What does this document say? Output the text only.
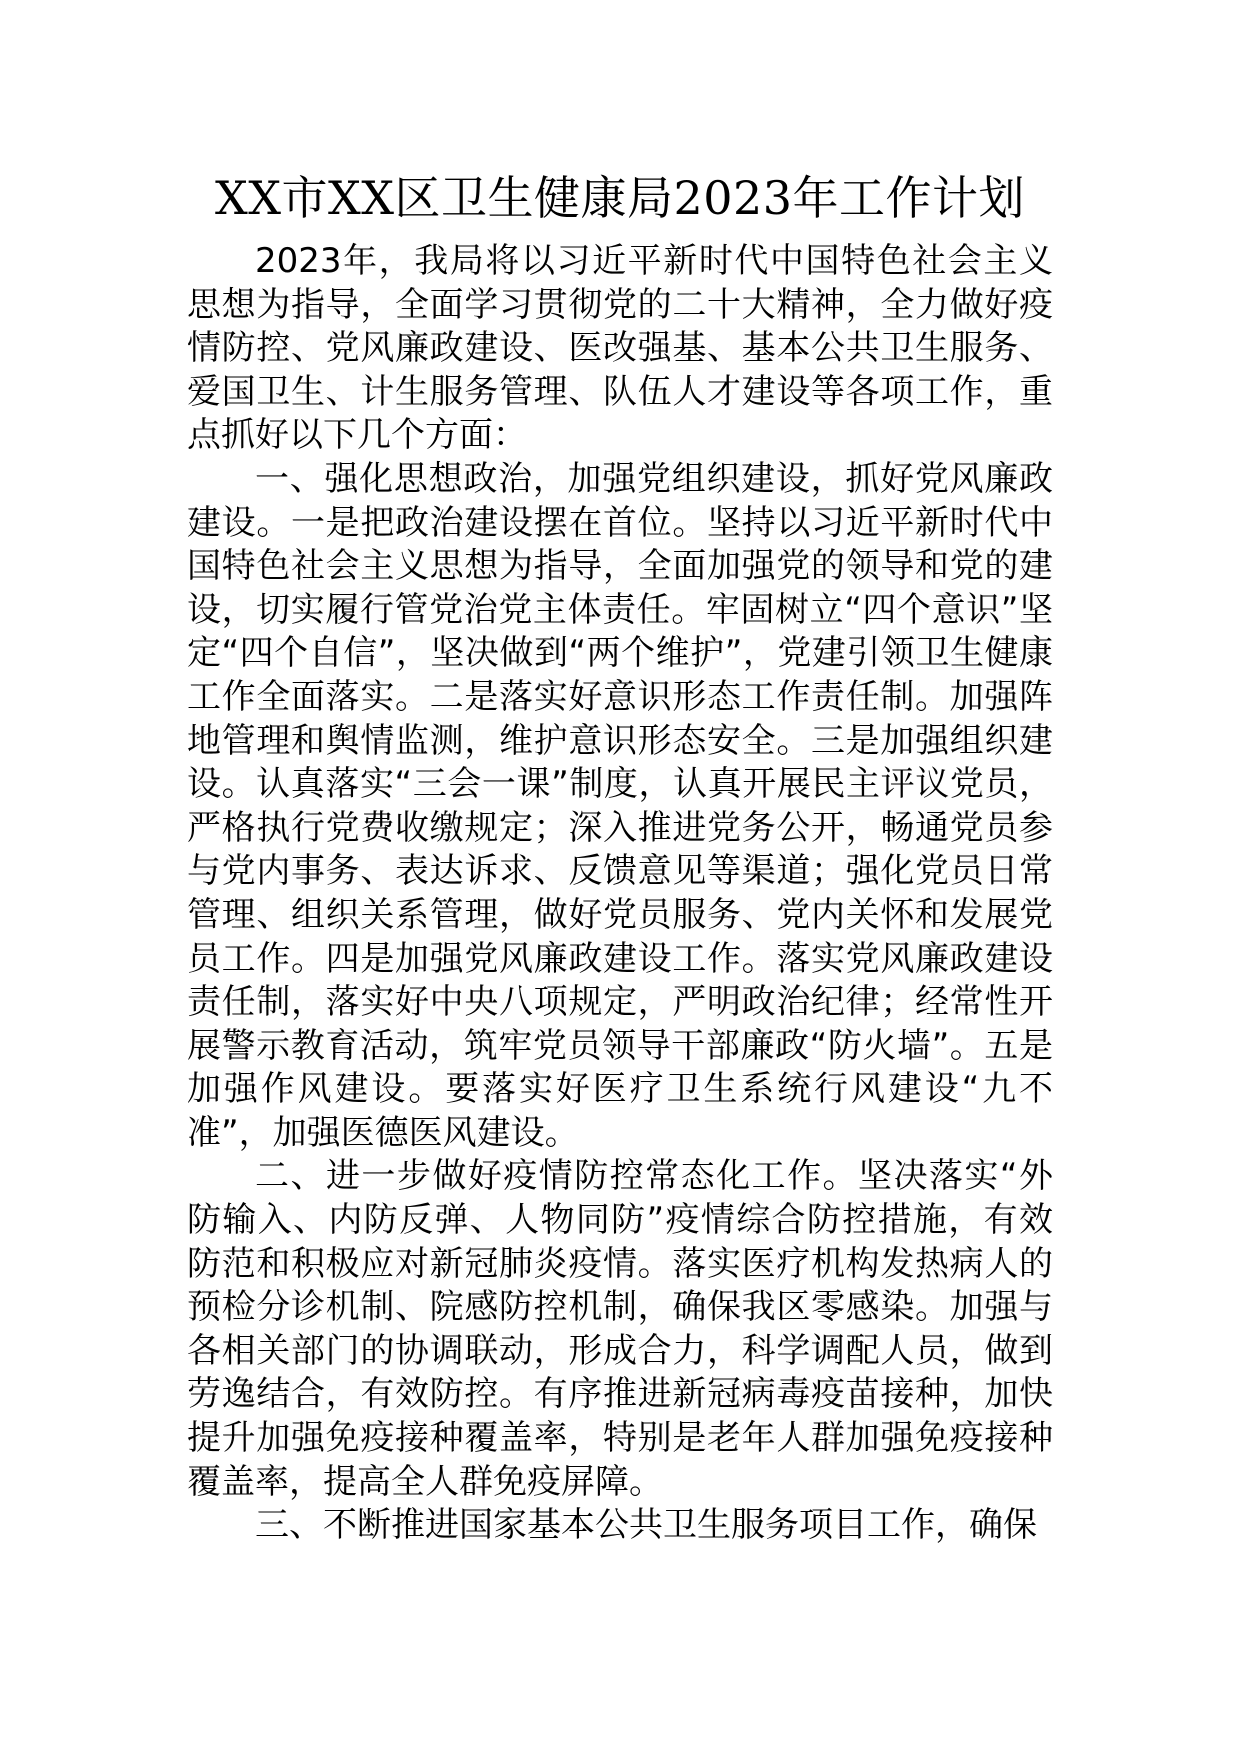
XX市XX区卫生健康局2023年工作计划

2023年，我局将以习近平新时代中国特色社会主义思想为指导，全面学习贯彻党的二十大精神，全力做好疫情防控、党风廉政建设、医改强基、基本公共卫生服务、爱国卫生、计生服务管理、队伍人才建设等各项工作，重点抓好以下几个方面：

一、强化思想政治，加强党组织建设，抓好党风廉政建设。一是把政治建设摆在首位。坚持以习近平新时代中国特色社会主义思想为指导，全面加强党的领导和党的建设，切实履行管党治党主体责任。牢固树立“四个意识”坚定“四个自信”，坚决做到“两个维护”，党建引领卫生健康工作全面落实。二是落实好意识形态工作责任制。加强阵地管理和舆情监测，维护意识形态安全。三是加强组织建设。认真落实“三会一课”制度，认真开展民主评议党员，严格执行党费收缴规定；深入推进党务公开，畅通党员参与党内事务、表达诉求、反馈意见等渠道；强化党员日常管理、组织关系管理，做好党员服务、党内关怀和发展党员工作。四是加强党风廉政建设工作。落实党风廉政建设责任制，落实好中央八项规定，严明政治纪律；经常性开展警示教育活动，筑牢党员领导干部廉政“防火墙”。五是加强作风建设。要落实好医疗卫生系统行风建设“九不准”，加强医德医风建设。

二、进一步做好疫情防控常态化工作。坚决落实“外防输入、内防反弹、人物同防”疫情综合防控措施，有效防范和积极应对新冠肺炎疫情。落实医疗机构发热病人的预检分诊机制、院感防控机制，确保我区零感染。加强与各相关部门的协调联动，形成合力，科学调配人员，做到劳逸结合，有效防控。有序推进新冠病毒疫苗接种，加快提升加强免疫接种覆盖率，特别是老年人群加强免疫接种覆盖率，提高全人群免疫屏障。

三、不断推进国家基本公共卫生服务项目工作，确保
